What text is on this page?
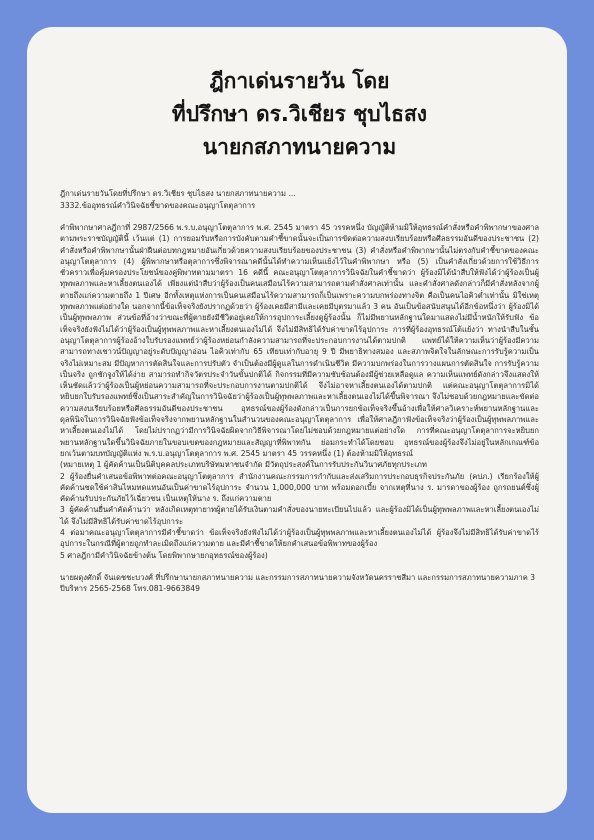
ฎีกาเด่นรายวัน โดย
ที่ปรึกษา ดร.วิเชียร ชุบไธสง
นายกสภาทนายความ
ฎีกาเด่นรายวันโดยที่ปรึกษา ดร.วิเชียร ชุบไธสง นายกสภาทนายความ ...
3332.ข้ออุทธรณ์คำวินิจฉัยชี้ขาดของคณะอนุญาโตตุลาการ

คำพิพากษาศาลฎีกาที่ 2987/2566 พ.ร.บ.อนุญาโตตุลาการ พ.ศ. 2545 มาตรา 45 วรรคหนึ่ง บัญญัติห้ามมิให้อุทธรณ์คำสั่งหรือคำพิพากษาของศาลตามพระราชบัญญัตินี้ เว้นแต่ (1) การยอมรับหรือการบังคับตามคำชี้ขาดนั้นจะเป็นการขัดต่อความสงบเรียบร้อยหรือศีลธรรมอันดีของประชาชน (2) คำสั่งหรือคำพิพากษานั้นฝ่าฝืนต่อบทกฎหมายอันเกี่ยวด้วยความสงบเรียบร้อยของประชาชน (3) คำสั่งหรือคำพิพากษานั้นไม่ตรงกับคำชี้ขาดของคณะอนุญาโตตุลาการ (4) ผู้พิพากษาหรือตุลาการซึ่งพิจารณาคดีนั้นได้ทำความเห็นแย้งไว้ในคำพิพากษา หรือ (5) เป็นคำสั่งเกี่ยวด้วยการใช้วิธีการชั่วคราวเพื่อคุ้มครองประโยชน์ของคู่พิพาทตามมาตรา 16 คดีนี้ คณะอนุญาโตตุลาการวินิจฉัยในคำชี้ขาดว่า ผู้ร้องมิได้นำสืบให้ฟังได้ว่าผู้ร้องเป็นผู้ทุพพลภาพและหาเลี้ยงตนเองได้ เพียงแต่นำสืบว่าผู้ร้องเป็นคนเสมือนไร้ความสามารถตามคำสั่งศาลเท่านั้น และคำสั่งศาลดังกล่าวก็มีคำสั่งหลังจากผู้ตายถึงแก่ความตายถึง 1 ปีเศษ อีกทั้งเหตุแห่งการเป็นคนเสมือนไร้ความสามารถก็เป็นเพราะความบกพร่องทางจิต คือเป็นคนไอคิวต่ำเท่านั้น มิใช่เหตุทุพพลภาพแต่อย่างใด นอกจากนี้ข้อเท็จจริงยังปรากฏด้วยว่า ผู้ร้องเคยมีสามีและเคยมีบุตรมาแล้ว 3 คน อันเป็นข้อสนับสนุนได้อีกข้อหนึ่งว่า ผู้ร้องมิได้เป็นผู้ทุพพลภาพ ส่วนข้อที่อ้างว่าขณะที่ผู้ตายยังมีชีวิตอยู่เคยให้การอุปการะเลี้ยงดูผู้ร้องนั้น ก็ไม่มีพยานหลักฐานใดมาแสดงไม่มีน้ำหนักให้รับฟัง ข้อเท็จจริงยังฟังไม่ได้ว่าผู้ร้องเป็นผู้ทุพพลภาพและหาเลี้ยงตนเองไม่ได้ จึงไม่มีสิทธิได้รับค่าขาดไร้อุปการะ การที่ผู้ร้องอุทธรณ์โต้แย้งว่า ทางนำสืบในชั้นอนุญาโตตุลาการผู้ร้องอ้างใบรับรองแพทย์ว่าผู้ร้องหย่อนกำลังความสามารถที่จะประกอบการงานได้ตามปกติ แพทย์ได้ให้ความเห็นว่าผู้ร้องมีความสามารถทางเชาวน์ปัญญาอยู่ระดับปัญญาอ่อน ไอคิวเท่ากับ 65 เทียบเท่ากับอายุ 9 ปี มีพยาธิทางสมอง และสภาพจิตใจในลักษณะการรับรู้ความเป็นจริงไม่เหมาะสม มีปัญหาการตัดสินใจและการปรับตัว จำเป็นต้องมีผู้ดูแลในการดำเนินชีวิต มีความบกพร่องในการวางแผนการตัดสินใจ การรับรู้ความเป็นจริง ถูกชักจูงให้ได้ง่าย สามารถทำกิจวัตรประจำวันขั้นปกติได้ กิจกรรมที่มีความซับซ้อนต้องมีผู้ช่วยเหลือดูแล ความเห็นแพทย์ดังกล่าวจึงแสดงให้เห็นชัดแล้วว่าผู้ร้องเป็นผู้หย่อนความสามารถที่จะประกอบการงานตามปกติได้ จึงไม่อาจหาเลี้ยงตนเองได้ตามปกติ แต่คณะอนุญาโตตุลาการมิได้หยิบยกใบรับรองแพทย์ซึ่งเป็นสาระสำคัญในการวินิจฉัยว่าผู้ร้องเป็นผู้ทุพพลภาพและหาเลี้ยงตนเองไม่ได้ขึ้นพิจารณา จึงไม่ชอบด้วยกฎหมายและขัดต่อความสงบเรียบร้อยหรือศีลธรรมอันดีของประชาชน อุทธรณ์ของผู้ร้องดังกล่าวเป็นการยกข้อเท็จจริงขึ้นอ้างเพื่อให้ศาลวิเคราะห์พยานหลักฐานและดุลพินิจในการวินิจฉัยฟังข้อเท็จจริงจากพยานหลักฐานในสำนวนของคณะอนุญาโตตุลาการ เพื่อให้ศาลฎีกาฟังข้อเท็จจริงว่าผู้ร้องเป็นผู้ทุพพลภาพและหาเลี้ยงตนเองไม่ได้ โดยไม่ปรากฏว่ามีการวินิจฉัยผิดจากวิธีพิจารณาโดยไม่ชอบด้วยกฎหมายแต่อย่างใด การที่คณะอนุญาโตตุลาการจะหยิบยกพยานหลักฐานใดขึ้นวินิจฉัยภายในขอบเขตของกฎหมายและสัญญาที่พิพาทกัน ย่อมกระทำได้โดยชอบ อุทธรณ์ของผู้ร้องจึงไม่อยู่ในหลักเกณฑ์ข้อยกเว้นตามบทบัญญัติแห่ง พ.ร.บ.อนุญาโตตุลาการ พ.ศ. 2545 มาตรา 45 วรรคหนึ่ง (1) ต้องห้ามมิให้อุทธรณ์

(หมายเหตุ 1 ผู้คัดค้านเป็นนิติบุคคลประเภทบริษัทมหาชนจำกัด มีวัตถุประสงค์ในการรับประกันวินาศภัยทุกประเภท

2 ผู้ร้องยื่นคำเสนอข้อพิพาทต่อคณะอนุญาโตตุลาการ สำนักงานคณะกรรมการกำกับและส่งเสริมการประกอบธุรกิจประกันภัย (คปภ.) เรียกร้องให้ผู้คัดค้านชดใช้ค่าสินไหมทดแทนอันเป็นค่าขาดไร้อุปการะ จำนวน 1,000,000 บาท พร้อมดอกเบี้ย จากเหตุที่นาง ร. มารดาของผู้ร้อง ถูกรถยนต์ซึ่งผู้คัดค้านรับประกันภัยไว้เฉี่ยวชน เป็นเหตุให้นาง ร. ถึงแก่ความตาย

3 ผู้คัดค้านยื่นคำคัดค้านว่า หลังเกิดเหตุทายาทผู้ตายได้รับเงินตามคำสั่งของนายทะเบียนไปแล้ว และผู้ร้องมิได้เป็นผู้ทุพพลภาพและหาเลี้ยงตนเองไม่ได้ จึงไม่มีสิทธิได้รับค่าขาดไร้อุปการะ

4 ต่อมาคณะอนุญาโตตุลาการมีคำชี้ขาดว่า ข้อเท็จจริงยังฟังไม่ได้ว่าผู้ร้องเป็นผู้ทุพพลภาพและหาเลี้ยงตนเองไม่ได้ ผู้ร้องจึงไม่มีสิทธิได้รับค่าขาดไร้อุปการะในกรณีที่ผู้ตายถูกทำละเมิดถึงแก่ความตาย และมีคำชี้ขาดให้ยกคำเสนอข้อพิพาทของผู้ร้อง

5 ศาลฎีกามีคำวินิจฉัยข้างต้น โดยพิพากษายกอุทธรณ์ของผู้ร้อง)

นายผดุงศักดิ์ จันเดชชะบวงศ์ ที่ปรึกษานายกสภาทนายความ และกรรมการสภาทนายความจังหวัดนครราชสีมา และกรรมการสภาทนายความภาค 3 ปีบริหาร 2565-2568 โทร.081-9663849
